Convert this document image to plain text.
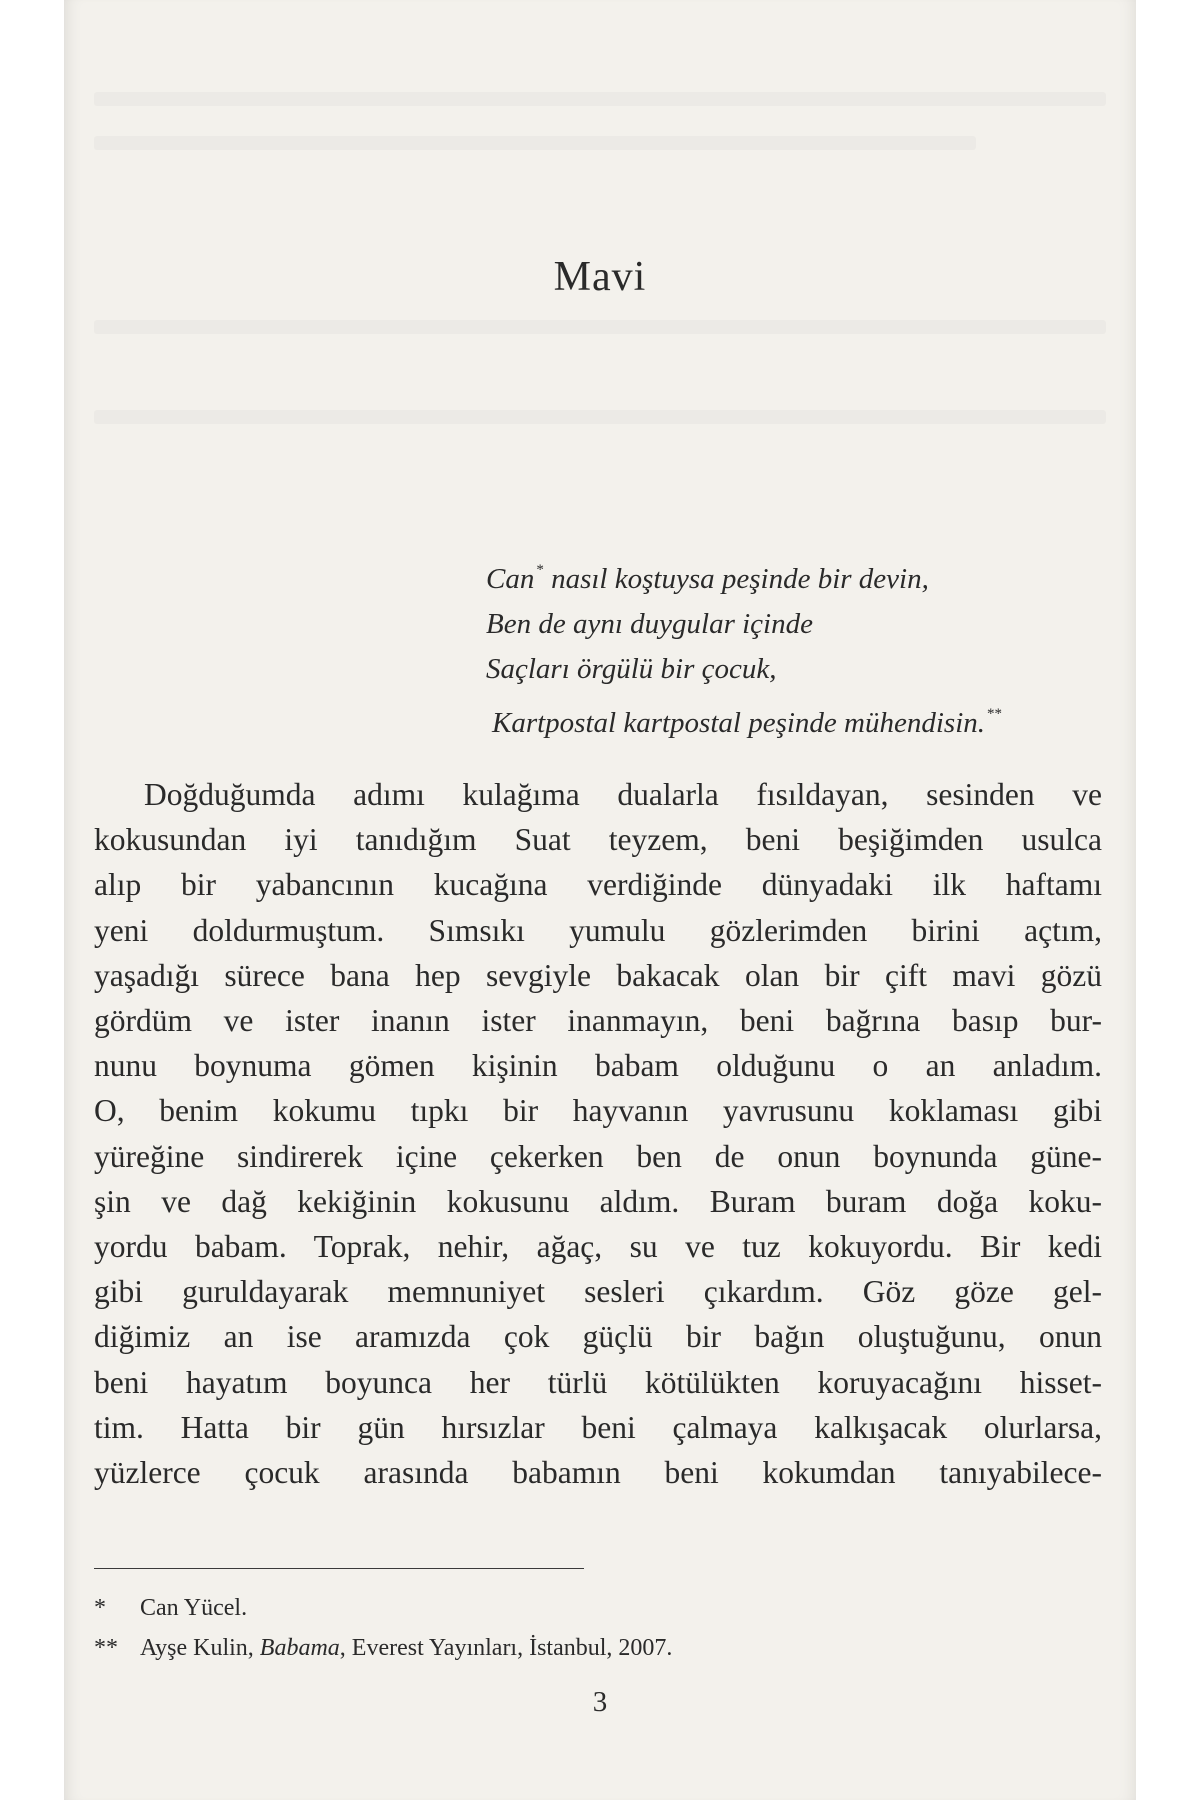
Mavi
Can * nasıl koştuysa peşinde bir devin,
Ben de aynı duygular içinde
Saçları örgülü bir çocuk,
Kartpostal kartpostal peşinde mühendisin. **
Doğduğumda adımı kulağıma dualarla fısıldayan, sesinden ve
kokusundan iyi tanıdığım Suat teyzem, beni beşiğimden usulca
alıp bir yabancının kucağına verdiğinde dünyadaki ilk haftamı
yeni doldurmuştum. Sımsıkı yumulu gözlerimden birini açtım,
yaşadığı sürece bana hep sevgiyle bakacak olan bir çift mavi gözü
gördüm ve ister inanın ister inanmayın, beni bağrına basıp bur-
nunu boynuma gömen kişinin babam olduğunu o an anladım.
O, benim kokumu tıpkı bir hayvanın yavrusunu koklaması gibi
yüreğine sindirerek içine çekerken ben de onun boynunda güne-
şin ve dağ kekiğinin kokusunu aldım. Buram buram doğa koku-
yordu babam. Toprak, nehir, ağaç, su ve tuz kokuyordu. Bir kedi
gibi guruldayarak memnuniyet sesleri çıkardım. Göz göze gel-
diğimiz an ise aramızda çok güçlü bir bağın oluştuğunu, onun
beni hayatım boyunca her türlü kötülükten koruyacağını hisset-
tim. Hatta bir gün hırsızlar beni çalmaya kalkışacak olurlarsa,
yüzlerce çocuk arasında babamın beni kokumdan tanıyabilece-
* Can Yücel.
** Ayşe Kulin, Babama, Everest Yayınları, İstanbul, 2007.
3
